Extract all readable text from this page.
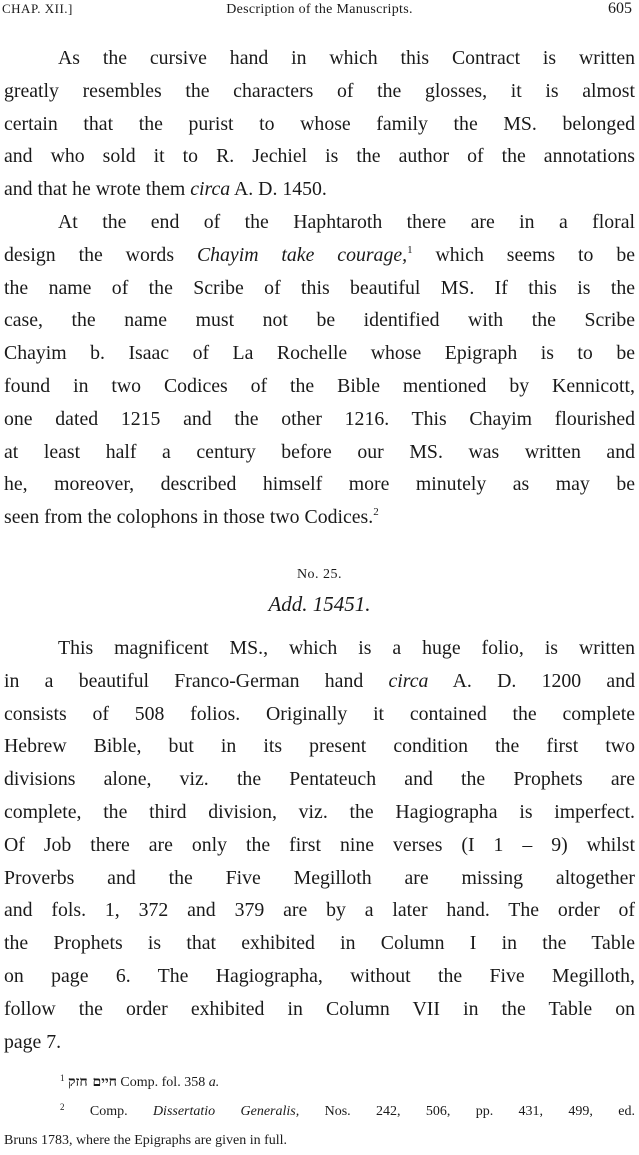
CHAP. XII.]	Description of the Manuscripts.	605
As the cursive hand in which this Contract is written
greatly resembles the characters of the glosses, it is almost
certain that the purist to whose family the MS. belonged
and who sold it to R. Jechiel is the author of the annotations
and that he wrote them circa A. D. 1450.
At the end of the Haphtaroth there are in a floral
design the words Chayim take courage,$^1$ which seems to be
the name of the Scribe of this beautiful MS. If this is the
case, the name must not be identified with the Scribe
Chayim b. Isaac of La Rochelle whose Epigraph is to be
found in two Codices of the Bible mentioned by Kennicott,
one dated 1215 and the other 1216. This Chayim flourished
at least half a century before our MS. was written and
he, moreover, described himself more minutely as may be
seen from the colophons in those two Codices.$^2$
No. 25.
Add. 15451.
This magnificent MS., which is a huge folio, is written
in a beautiful Franco-German hand circa A. D. 1200 and
consists of 508 folios. Originally it contained the complete
Hebrew Bible, but in its present condition the first two
divisions alone, viz. the Pentateuch and the Prophets are
complete, the third division, viz. the Hagiographa is imperfect.
Of Job there are only the first nine verses (I 1 – 9) whilst
Proverbs and the Five Megilloth are missing altogether
and fols. 1, 372 and 379 are by a later hand. The order of
the Prophets is that exhibited in Column I in the Table
on page 6. The Hagiographa, without the Five Megilloth,
follow the order exhibited in Column VII in the Table on
page 7.
$^1$ חיים חזק Comp. fol. 358 a.
$^2$ Comp. Dissertatio Generalis, Nos. 242, 506, pp. 431, 499, ed.
Bruns 1783, where the Epigraphs are given in full.
